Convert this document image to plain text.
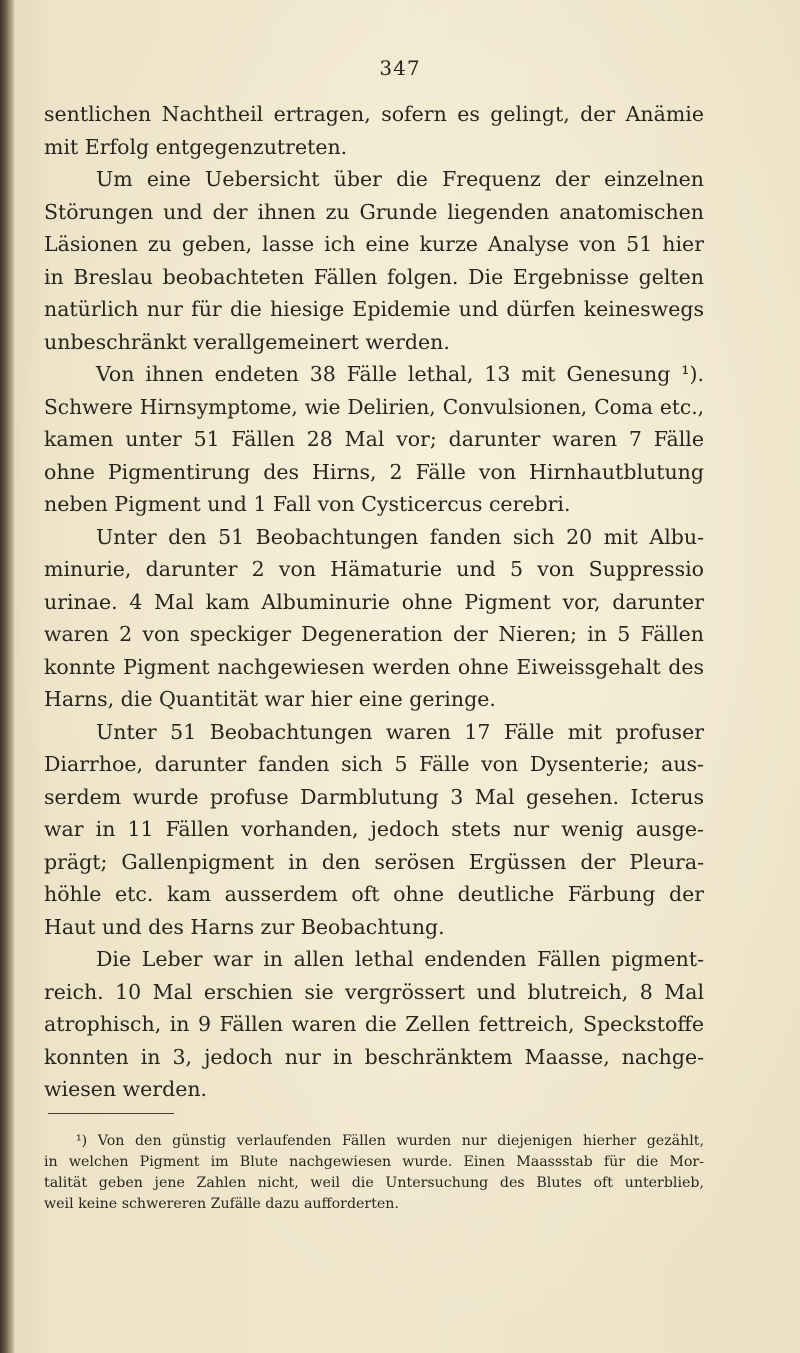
347
sentlichen Nachtheil ertragen, sofern es gelingt, der Anämie
mit Erfolg entgegenzutreten.
Um eine Uebersicht über die Frequenz der einzelnen
Störungen und der ihnen zu Grunde liegenden anatomischen
Läsionen zu geben, lasse ich eine kurze Analyse von 51 hier
in Breslau beobachteten Fällen folgen. Die Ergebnisse gelten
natürlich nur für die hiesige Epidemie und dürfen keineswegs
unbeschränkt verallgemeinert werden.
Von ihnen endeten 38 Fälle lethal, 13 mit Genesung ¹).
Schwere Hirnsymptome, wie Delirien, Convulsionen, Coma etc.,
kamen unter 51 Fällen 28 Mal vor; darunter waren 7 Fälle
ohne Pigmentirung des Hirns, 2 Fälle von Hirnhautblutung
neben Pigment und 1 Fall von Cysticercus cerebri.
Unter den 51 Beobachtungen fanden sich 20 mit Albu-
minurie, darunter 2 von Hämaturie und 5 von Suppressio
urinae. 4 Mal kam Albuminurie ohne Pigment vor, darunter
waren 2 von speckiger Degeneration der Nieren; in 5 Fällen
konnte Pigment nachgewiesen werden ohne Eiweissgehalt des
Harns, die Quantität war hier eine geringe.
Unter 51 Beobachtungen waren 17 Fälle mit profuser
Diarrhoe, darunter fanden sich 5 Fälle von Dysenterie; aus-
serdem wurde profuse Darmblutung 3 Mal gesehen. Icterus
war in 11 Fällen vorhanden, jedoch stets nur wenig ausge-
prägt; Gallenpigment in den serösen Ergüssen der Pleura-
höhle etc. kam ausserdem oft ohne deutliche Färbung der
Haut und des Harns zur Beobachtung.
Die Leber war in allen lethal endenden Fällen pigment-
reich. 10 Mal erschien sie vergrössert und blutreich, 8 Mal
atrophisch, in 9 Fällen waren die Zellen fettreich, Speckstoffe
konnten in 3, jedoch nur in beschränktem Maasse, nachge-
wiesen werden.
¹) Von den günstig verlaufenden Fällen wurden nur diejenigen hierher gezählt,
in welchen Pigment im Blute nachgewiesen wurde. Einen Maassstab für die Mor-
talität geben jene Zahlen nicht, weil die Untersuchung des Blutes oft unterblieb,
weil keine schwereren Zufälle dazu aufforderten.
